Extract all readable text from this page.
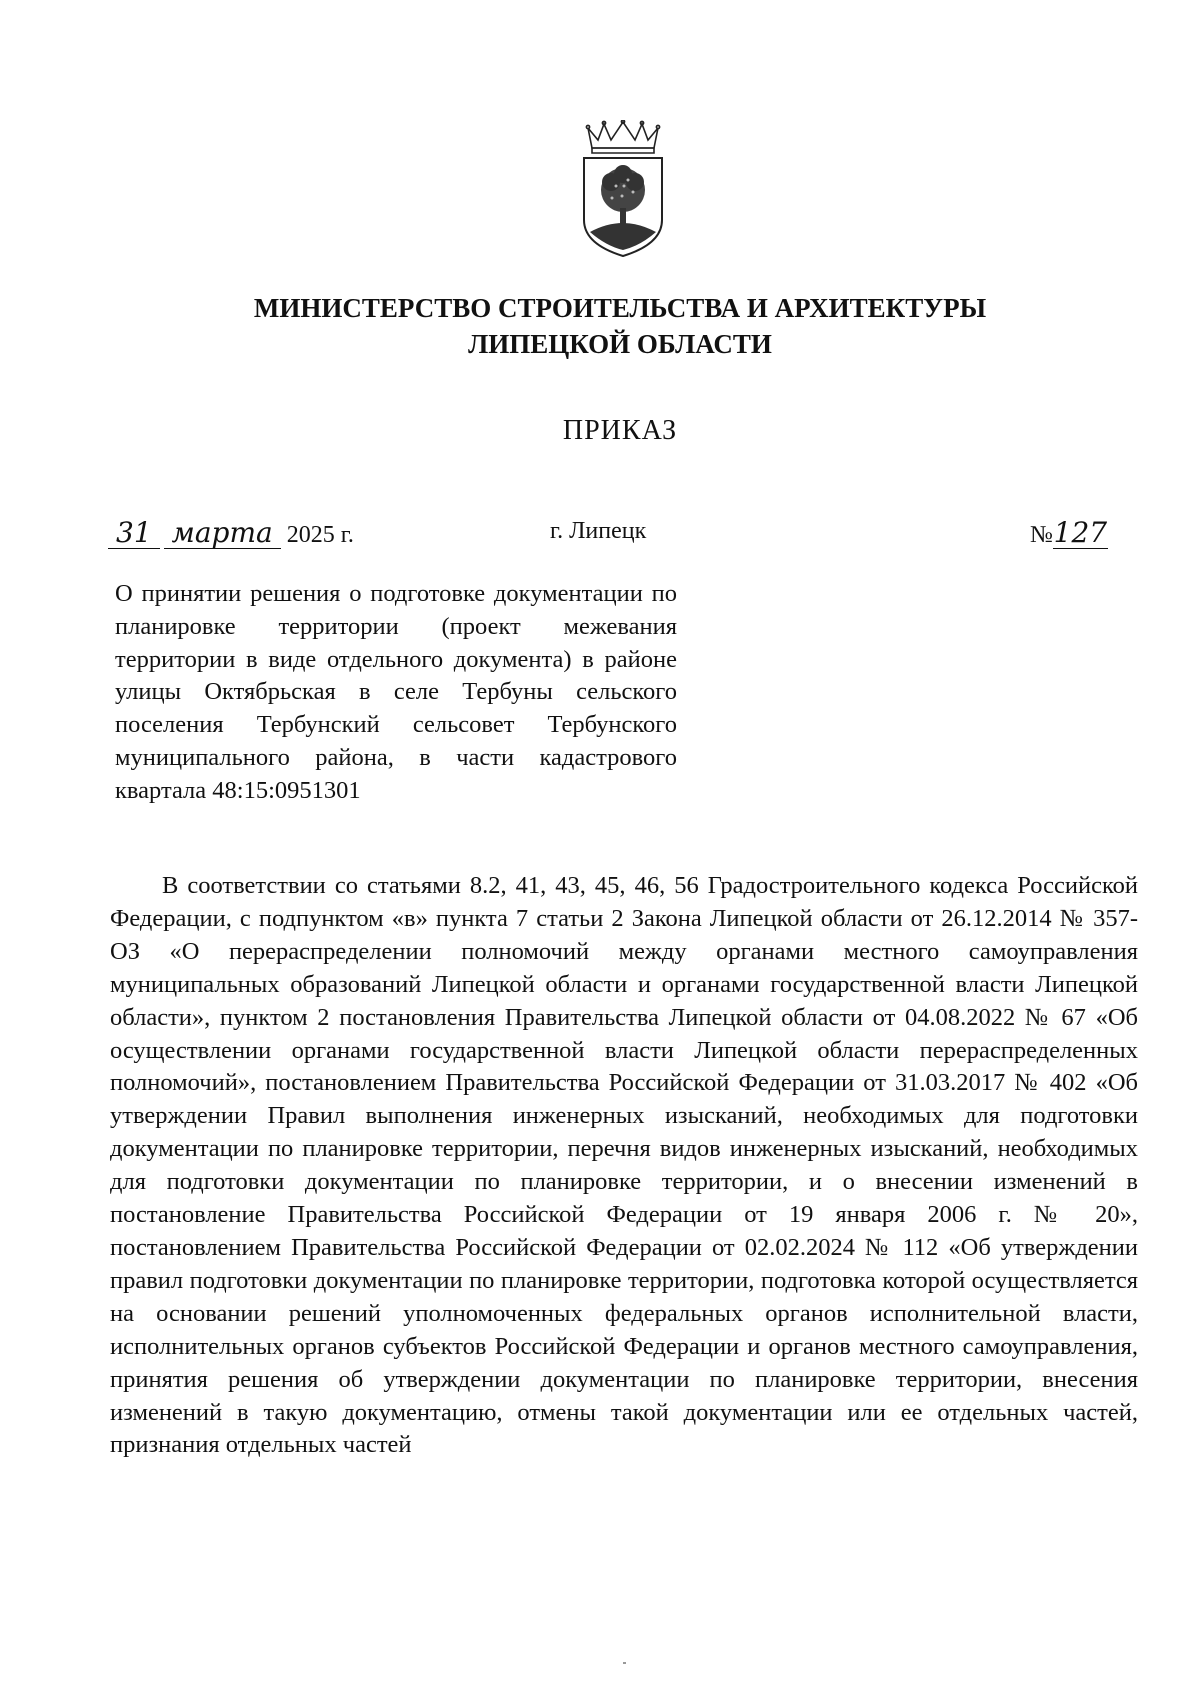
МИНИСТЕРСТВО СТРОИТЕЛЬСТВА И АРХИТЕКТУРЫ
ЛИПЕЦКОЙ ОБЛАСТИ
ПРИКАЗ
31 марта 2025 г.	г. Липецк	№127
О принятии решения о подготовке документации по планировке территории (проект межевания территории в виде отдельного документа) в районе улицы Октябрьская в селе Тербуны сельского поселения Тербунский сельсовет Тербунского муниципального района, в части кадастрового квартала 48:15:0951301
В соответствии со статьями 8.2, 41, 43, 45, 46, 56 Градостроительного кодекса Российской Федерации, с подпунктом «в» пункта 7 статьи 2 Закона Липецкой области от 26.12.2014 № 357-ОЗ «О перераспределении полномочий между органами местного самоуправления муниципальных образований Липецкой области и органами государственной власти Липецкой области», пунктом 2 постановления Правительства Липецкой области от 04.08.2022 № 67 «Об осуществлении органами государственной власти Липецкой области перераспределенных полномочий», постановлением Правительства Российской Федерации от 31.03.2017 № 402 «Об утверждении Правил выполнения инженерных изысканий, необходимых для подготовки документации по планировке территории, перечня видов инженерных изысканий, необходимых для подготовки документации по планировке территории, и о внесении изменений в постановление Правительства Российской Федерации от 19 января 2006 г. № 20», постановлением Правительства Российской Федерации от 02.02.2024 № 112 «Об утверждении правил подготовки документации по планировке территории, подготовка которой осуществляется на основании решений уполномоченных федеральных органов исполнительной власти, исполнительных органов субъектов Российской Федерации и органов местного самоуправления, принятия решения об утверждении документации по планировке территории, внесения изменений в такую документацию, отмены такой документации или ее отдельных частей, признания отдельных частей
